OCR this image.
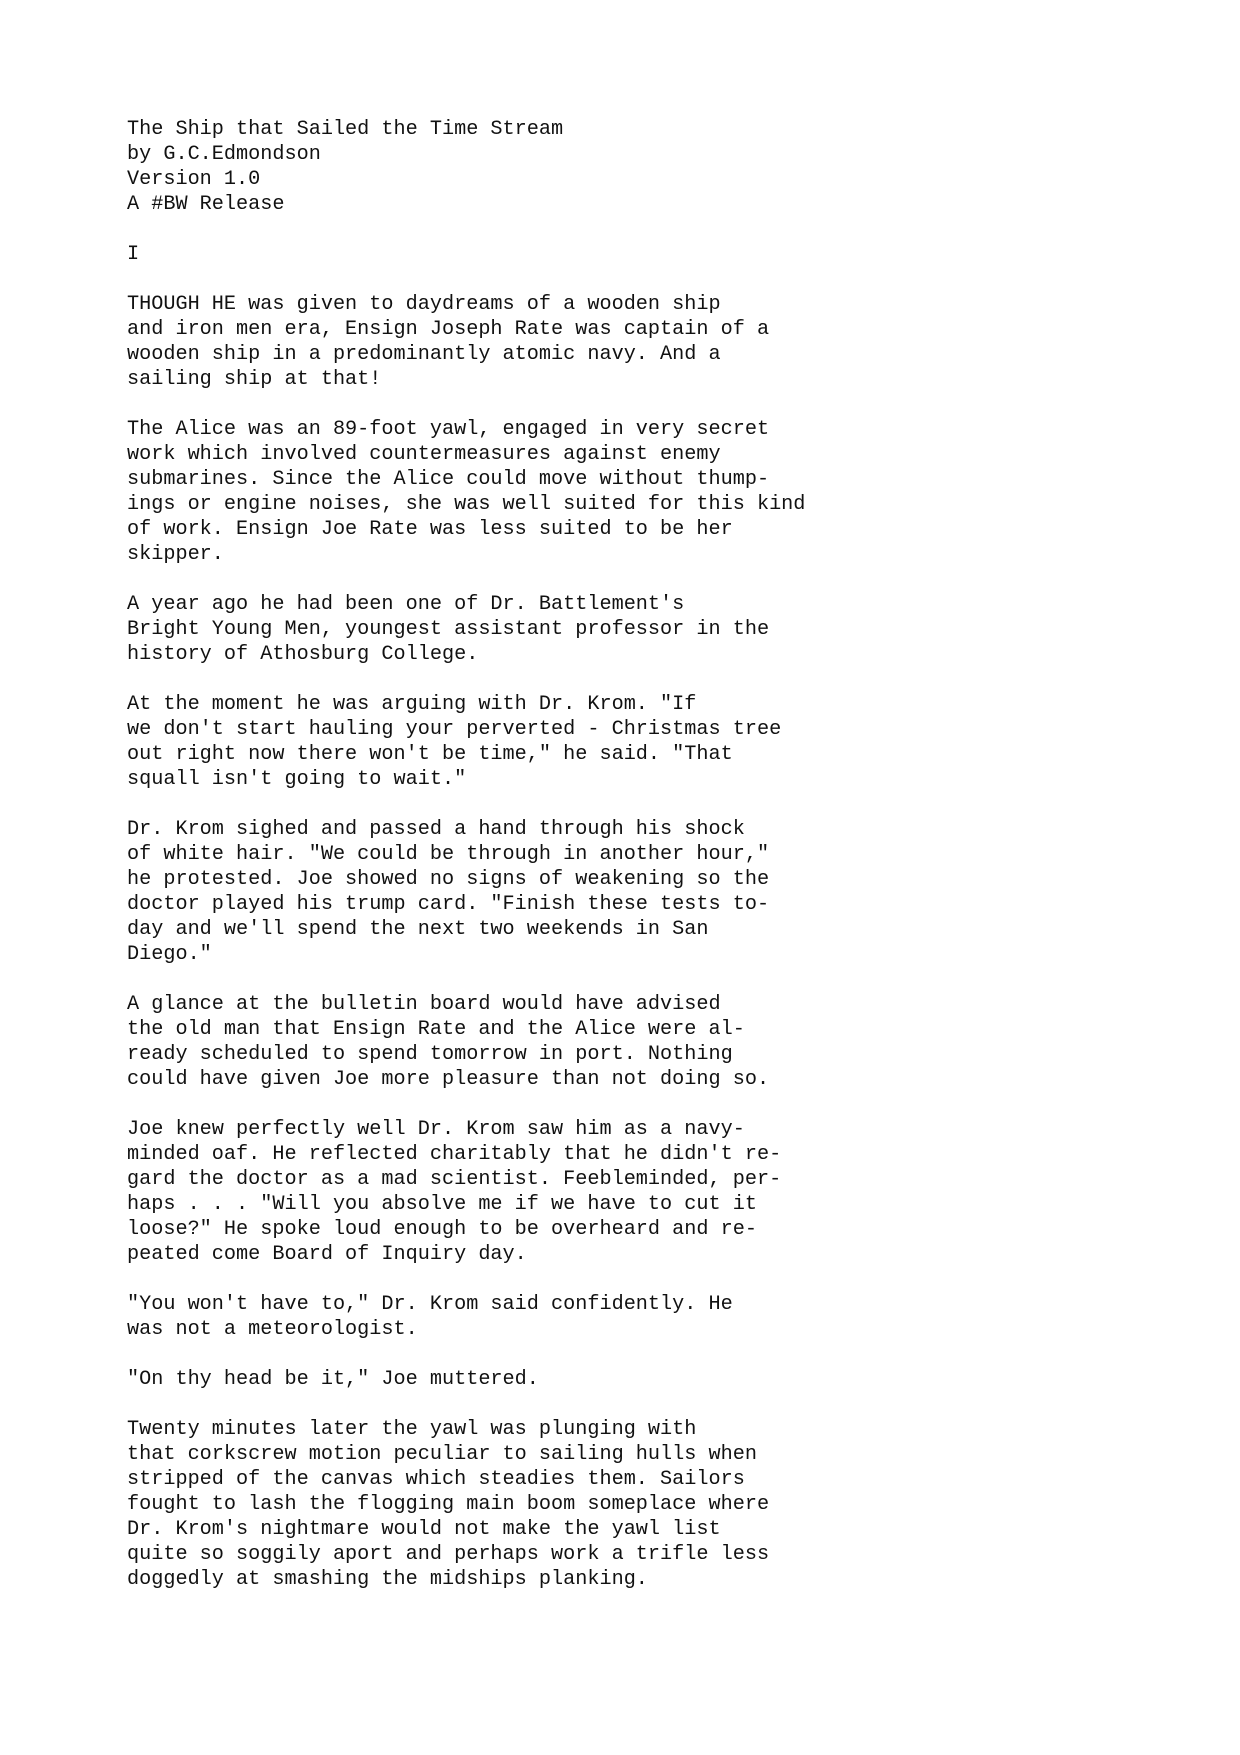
The Ship that Sailed the Time Stream
by G.C.Edmondson
Version 1.0
A #BW Release
I
THOUGH HE was given to daydreams of a wooden ship
and iron men era, Ensign Joseph Rate was captain of a
wooden ship in a predominantly atomic navy. And a
sailing ship at that!
The Alice was an 89-foot yawl, engaged in very secret
work which involved countermeasures against enemy
submarines. Since the Alice could move without thump-
ings or engine noises, she was well suited for this kind
of work. Ensign Joe Rate was less suited to be her
skipper.
A year ago he had been one of Dr. Battlement's
Bright Young Men, youngest assistant professor in the
history of Athosburg College.
At the moment he was arguing with Dr. Krom. "If
we don't start hauling your perverted - Christmas tree
out right now there won't be time," he said. "That
squall isn't going to wait."
Dr. Krom sighed and passed a hand through his shock
of white hair. "We could be through in another hour,"
he protested. Joe showed no signs of weakening so the
doctor played his trump card. "Finish these tests to-
day and we'll spend the next two weekends in San
Diego."
A glance at the bulletin board would have advised
the old man that Ensign Rate and the Alice were al-
ready scheduled to spend tomorrow in port. Nothing
could have given Joe more pleasure than not doing so.
Joe knew perfectly well Dr. Krom saw him as a navy-
minded oaf. He reflected charitably that he didn't re-
gard the doctor as a mad scientist. Feebleminded, per-
haps . . . "Will you absolve me if we have to cut it
loose?" He spoke loud enough to be overheard and re-
peated come Board of Inquiry day.
"You won't have to," Dr. Krom said confidently. He
was not a meteorologist.
"On thy head be it," Joe muttered.
Twenty minutes later the yawl was plunging with
that corkscrew motion peculiar to sailing hulls when
stripped of the canvas which steadies them. Sailors
fought to lash the flogging main boom someplace where
Dr. Krom's nightmare would not make the yawl list
quite so soggily aport and perhaps work a trifle less
doggedly at smashing the midships planking.
